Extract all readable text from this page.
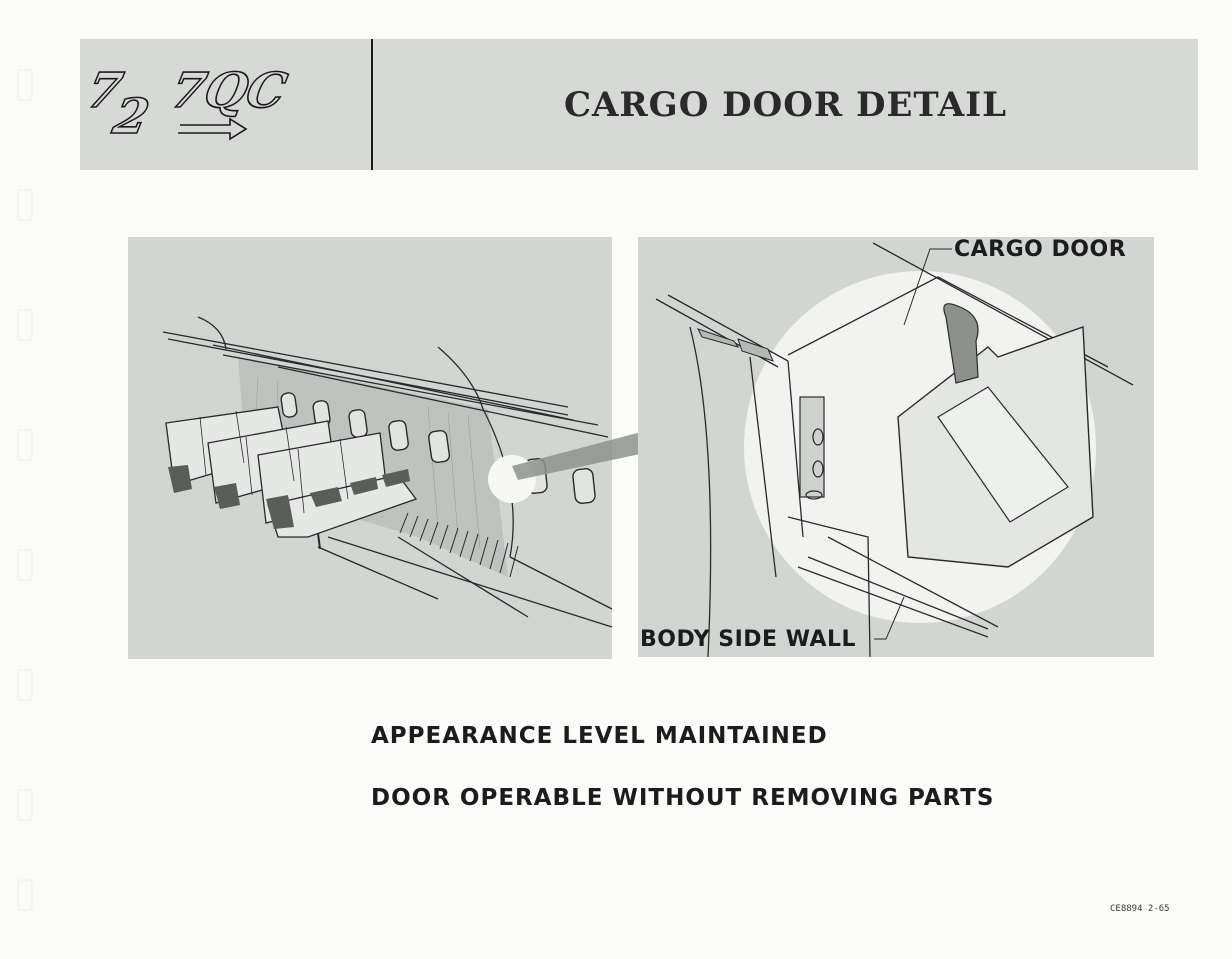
7
2 7QC	CARGO DOOR DETAIL
CARGO DOOR
BODY SIDE WALL
APPEARANCE LEVEL MAINTAINED
DOOR OPERABLE WITHOUT REMOVING PARTS
CE8894 2-65
